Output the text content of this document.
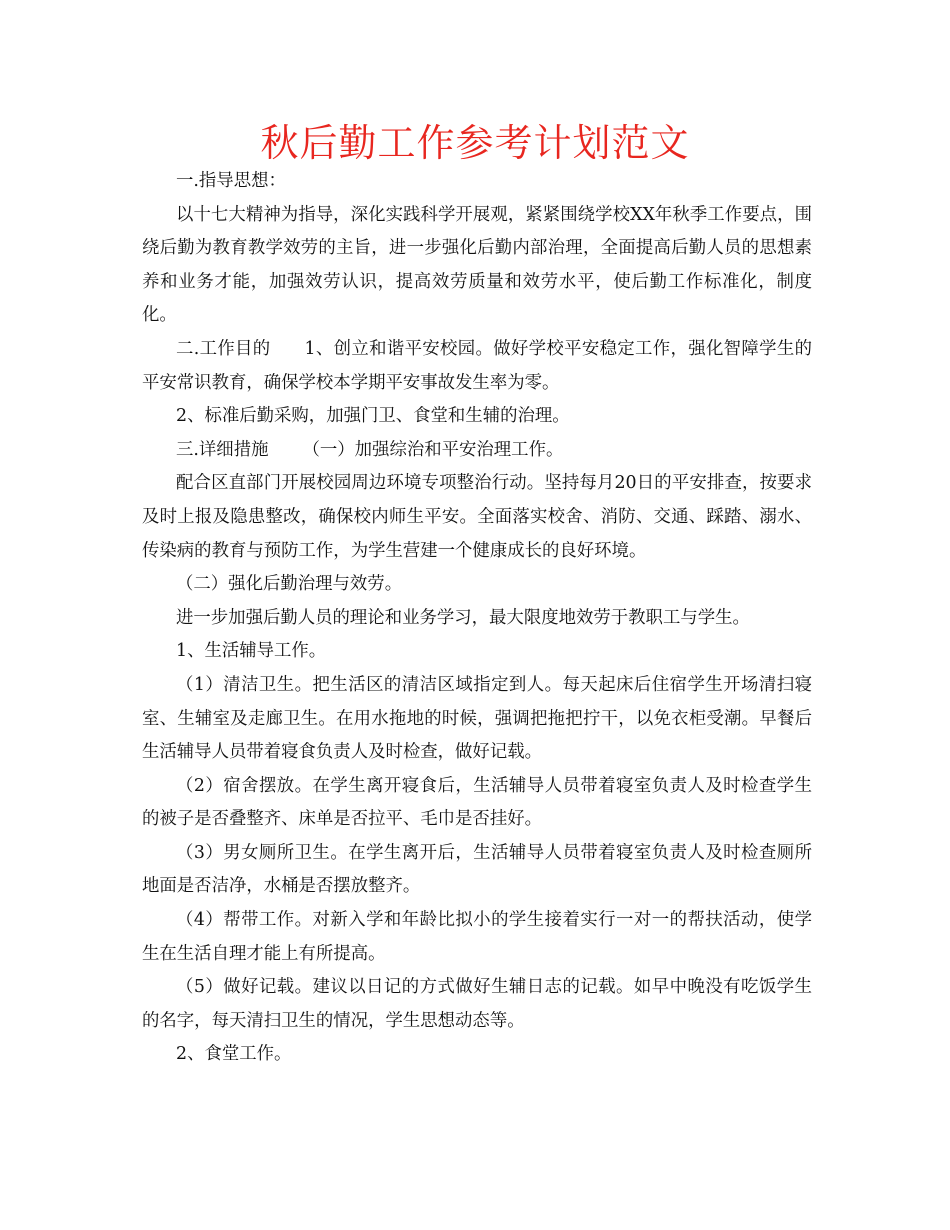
秋后勤工作参考计划范文

一.指导思想：

以十七大精神为指导，深化实践科学开展观，紧紧围绕学校XX年秋季工作要点，围绕后勤为教育教学效劳的主旨，进一步强化后勤内部治理，全面提高后勤人员的思想素养和业务才能，加强效劳认识，提高效劳质量和效劳水平，使后勤工作标准化，制度化。

二.工作目的 1、创立和谐平安校园。做好学校平安稳定工作，强化智障学生的平安常识教育，确保学校本学期平安事故发生率为零。

2、标准后勤采购，加强门卫、食堂和生辅的治理。

三.详细措施 （一）加强综治和平安治理工作。

配合区直部门开展校园周边环境专项整治行动。坚持每月20日的平安排查，按要求及时上报及隐患整改，确保校内师生平安。全面落实校舍、消防、交通、踩踏、溺水、传染病的教育与预防工作，为学生营建一个健康成长的良好环境。

（二）强化后勤治理与效劳。

进一步加强后勤人员的理论和业务学习，最大限度地效劳于教职工与学生。

1、生活辅导工作。

（1）清洁卫生。把生活区的清洁区域指定到人。每天起床后住宿学生开场清扫寝室、生辅室及走廊卫生。在用水拖地的时候，强调把拖把拧干，以免衣柜受潮。早餐后生活辅导人员带着寝食负责人及时检查，做好记载。

（2）宿舍摆放。在学生离开寝食后，生活辅导人员带着寝室负责人及时检查学生的被子是否叠整齐、床单是否拉平、毛巾是否挂好。

（3）男女厕所卫生。在学生离开后，生活辅导人员带着寝室负责人及时检查厕所地面是否洁净，水桶是否摆放整齐。

（4）帮带工作。对新入学和年龄比拟小的学生接着实行一对一的帮扶活动，使学生在生活自理才能上有所提高。

（5）做好记载。建议以日记的方式做好生辅日志的记载。如早中晚没有吃饭学生的名字，每天清扫卫生的情况，学生思想动态等。

2、食堂工作。
